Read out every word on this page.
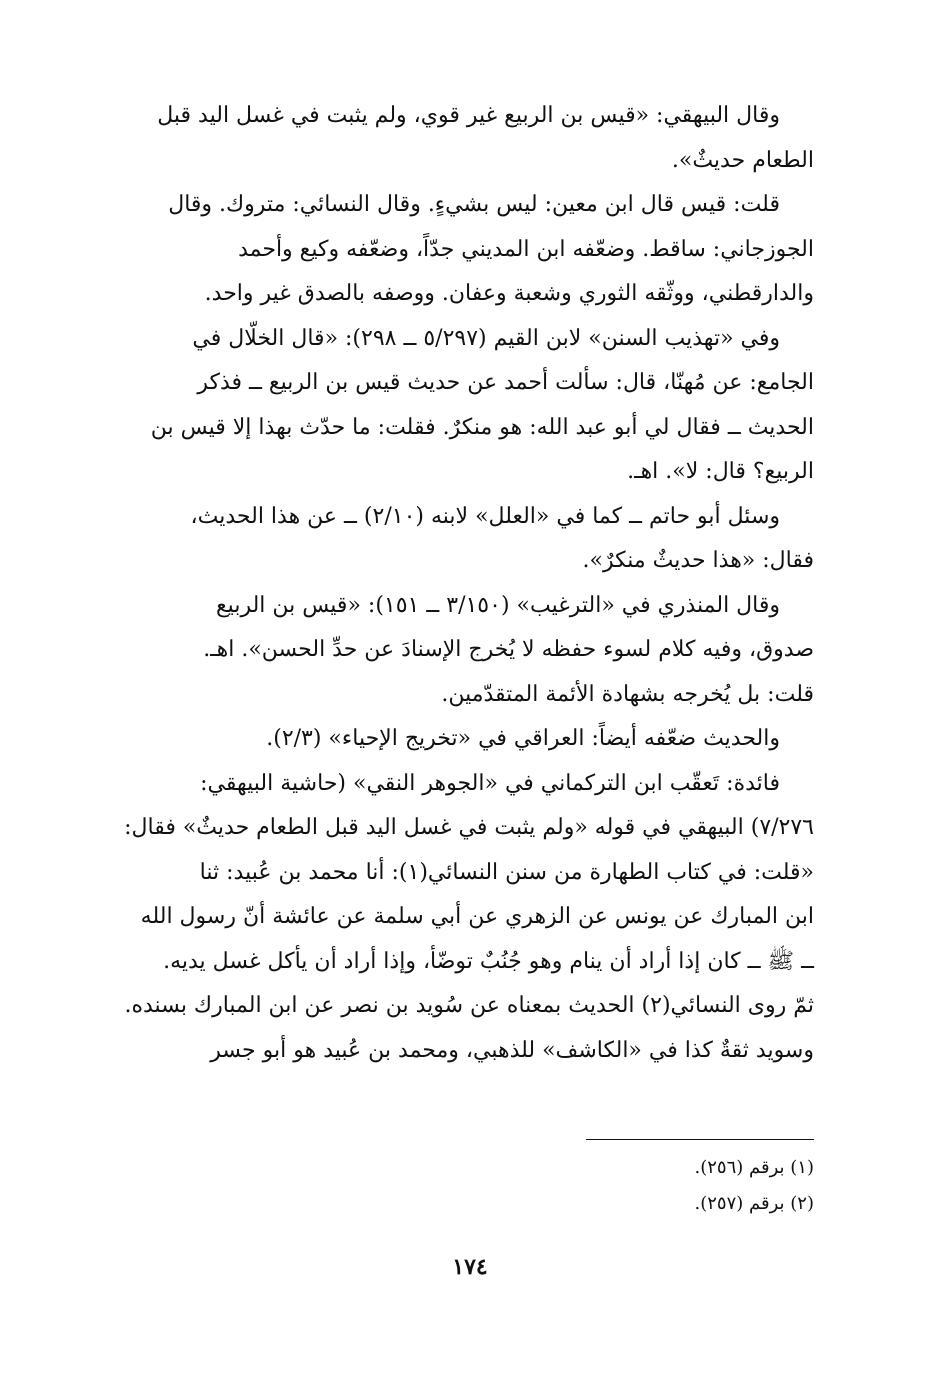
وقال البيهقي: «قيس بن الربيع غير قوي، ولم يثبت في غسل اليد قبل
الطعام حديثٌ».
قلت: قيس قال ابن معين: ليس بشيءٍ. وقال النسائي: متروك. وقال
الجوزجاني: ساقط. وضعّفه ابن المديني جدّاً، وضعّفه وكيع وأحمد
والدارقطني، ووثّقه الثوري وشعبة وعفان. ووصفه بالصدق غير واحد.
وفي «تهذيب السنن» لابن القيم (٥/٢٩٧ ــ ٢٩٨): «قال الخلّال في
الجامع: عن مُهنّا، قال: سألت أحمد عن حديث قيس بن الربيع ــ فذكر
الحديث ــ فقال لي أبو عبد الله: هو منكرٌ. فقلت: ما حدّث بهذا إلا قيس بن
الربيع؟ قال: لا». اهـ.
وسئل أبو حاتم ــ كما في «العلل» لابنه (٢/١٠) ــ عن هذا الحديث،
فقال: «هذا حديثٌ منكرٌ».
وقال المنذري في «الترغيب» (٣/١٥٠ ــ ١٥١): «قيس بن الربيع
صدوق، وفيه كلام لسوء حفظه لا يُخرج الإسنادَ عن حدِّ الحسن». اهـ.
قلت: بل يُخرجه بشهادة الأئمة المتقدّمين.
والحديث ضعّفه أيضاً: العراقي في «تخريج الإحياء» (٢/٣).
فائدة: تَعقّب ابن التركماني في «الجوهر النقي» (حاشية البيهقي:
٧/٢٧٦) البيهقي في قوله «ولم يثبت في غسل اليد قبل الطعام حديثٌ» فقال:
«قلت: في كتاب الطهارة من سنن النسائي(١): أنا محمد بن عُبيد: ثنا
ابن المبارك عن يونس عن الزهري عن أبي سلمة عن عائشة أنّ رسول الله
ــ ﷺ ــ كان إذا أراد أن ينام وهو جُنُبٌ توضّأ، وإذا أراد أن يأكل غسل يديه.
ثمّ روى النسائي(٢) الحديث بمعناه عن سُويد بن نصر عن ابن المبارك بسنده.
وسويد ثقةٌ كذا في «الكاشف» للذهبي، ومحمد بن عُبيد هو أبو جسر
(١) برقم (٢٥٦).
(٢) برقم (٢٥٧).
١٧٤
